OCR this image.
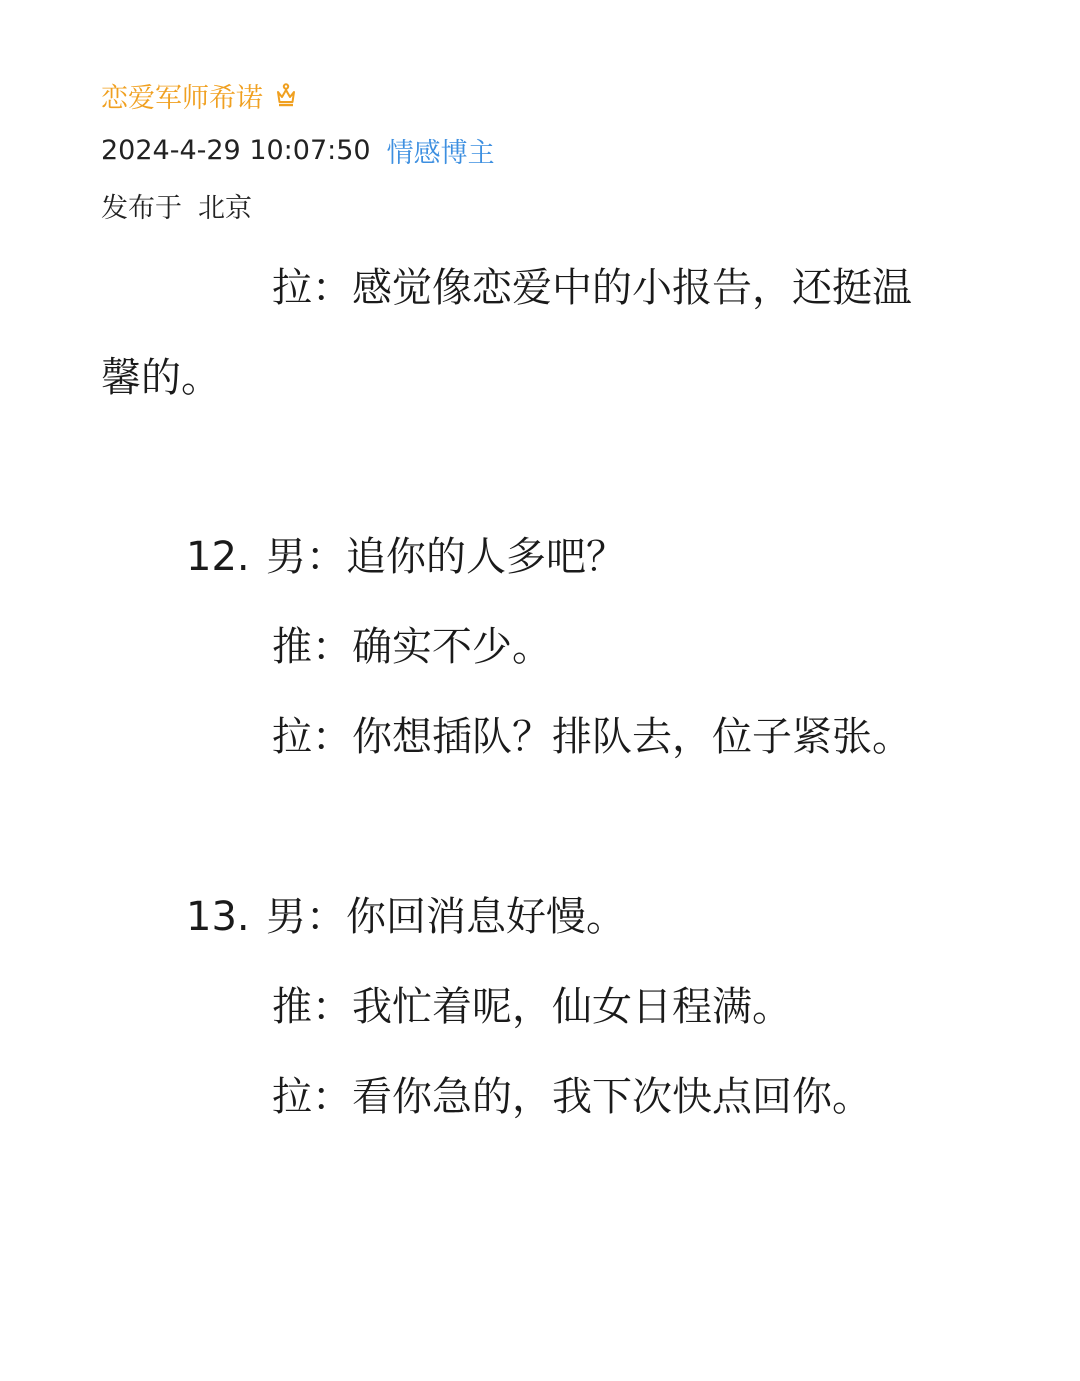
恋爱军师希诺
2024-4-29 10:07:50 情感博主
发布于 北京
拉：感觉像恋爱中的小报告，还挺温
馨的。
12. 男：追你的人多吧？
推：确实不少。
拉：你想插队？排队去，位子紧张。
13. 男：你回消息好慢。
推：我忙着呢，仙女日程满。
拉：看你急的，我下次快点回你。
